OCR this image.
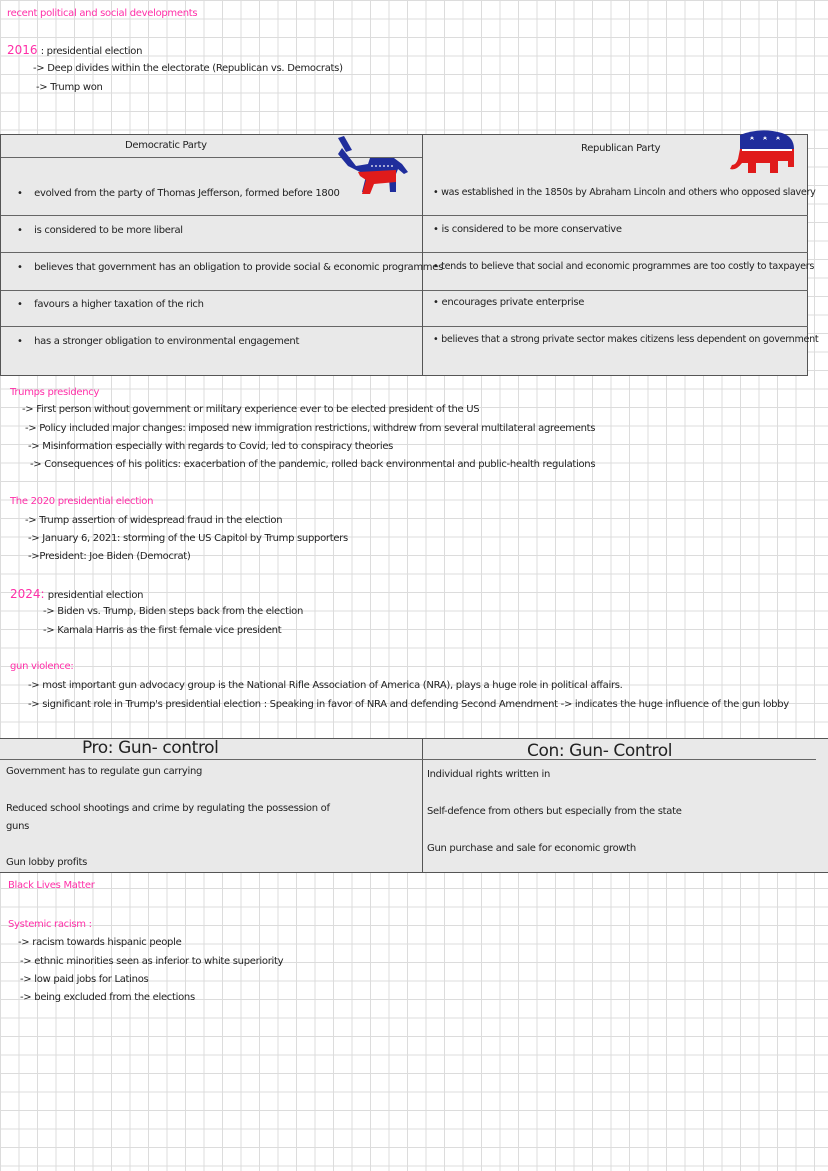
recent political and social developments
2016 : presidential election
-> Deep divides within the electorate (Republican vs. Democrats)
-> Trump won
Democratic Party	Republican Party
• evolved from the party of Thomas Jefferson, formed before 1800
• is considered to be more liberal
• believes that government has an obligation to provide social & economic programmes
• favours a higher taxation of the rich
• has a stronger obligation to environmental engagement
• was established in the 1850s by Abraham Lincoln and others who opposed slavery
• is considered to be more conservative
• tends to believe that social and economic programmes are too costly to taxpayers
• encourages private enterprise
• believes that a strong private sector makes citizens less dependent on government
Trumps presidency
-> First person without government or military experience ever to be elected president of the US
-> Policy included major changes: imposed new immigration restrictions, withdrew from several multilateral agreements
-> Misinformation especially with regards to Covid, led to conspiracy theories
-> Consequences of his politics: exacerbation of the pandemic, rolled back environmental and public-health regulations
The 2020 presidential election
-> Trump assertion of widespread fraud in the election
-> January 6, 2021: storming of the US Capitol by Trump supporters
->President: Joe Biden (Democrat)
2024: presidential election
-> Biden vs. Trump, Biden steps back from the election
-> Kamala Harris as the first female vice president
gun violence:
-> most important gun advocacy group is the National Rifle Association of America (NRA), plays a huge role in political affairs.
-> significant role in Trump's presidential election : Speaking in favor of NRA and defending Second Amendment -> indicates the huge influence of the gun lobby
Pro: Gun- control	Con: Gun- Control
Government has to regulate gun carrying
Reduced school shootings and crime by regulating the possession of
guns
Gun lobby profits
Individual rights written in
Self-defence from others but especially from the state
Gun purchase and sale for economic growth
Black Lives Matter
Systemic racism :
-> racism towards hispanic people
-> ethnic minorities seen as inferior to white superiority
-> low paid jobs for Latinos
-> being excluded from the elections
